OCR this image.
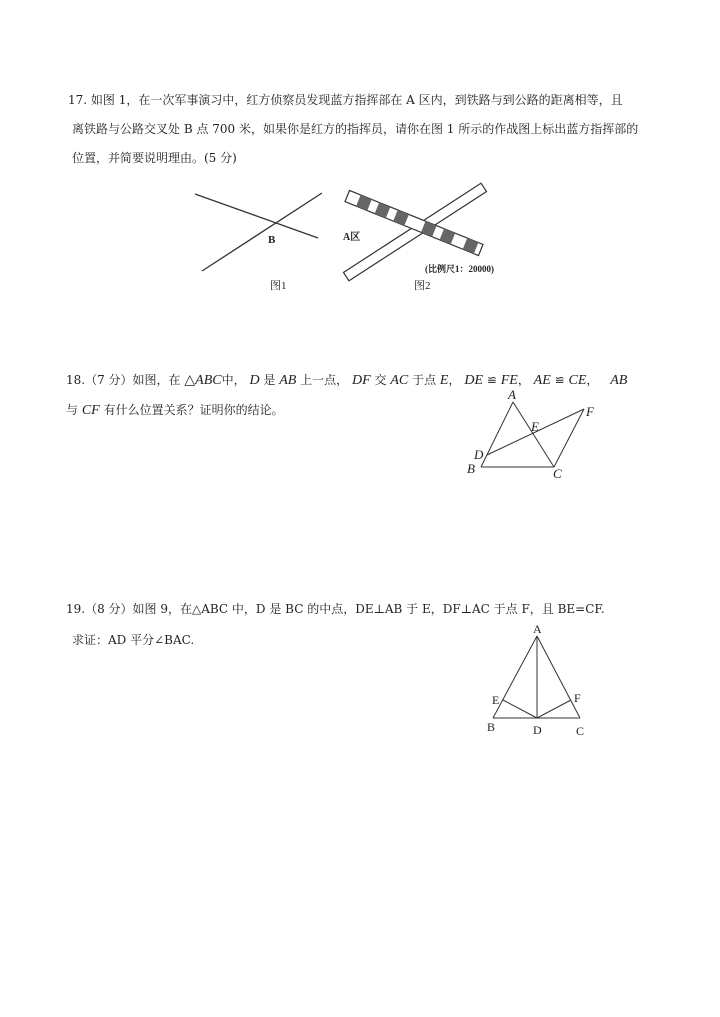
17. 如图 1，在一次军事演习中，红方侦察员发现蓝方指挥部在 A 区内，到铁路与到公路的距离相等，且
离铁路与公路交叉处 B 点 700 米，如果你是红方的指挥员，请你在图 1 所示的作战图上标出蓝方指挥部的
位置，并简要说明理由。(5 分)
B
图1
A区
(比例尺1：20000)
图2
18.（7 分）如图，在 △ABC中， D 是 AB 上一点， DF 交 AC 于点 E， DE ≌ FE， AE ≌ CE， AB
与 CF 有什么位置关系？证明你的结论。
A
E
F
D
B	C
19.（8 分）如图 9，在△ABC 中，D 是 BC 的中点，DE⊥AB 于 E，DF⊥AC 于点 F，且 BE=CF.
求证：AD 平分∠BAC.
A
E	F
B	D	C
